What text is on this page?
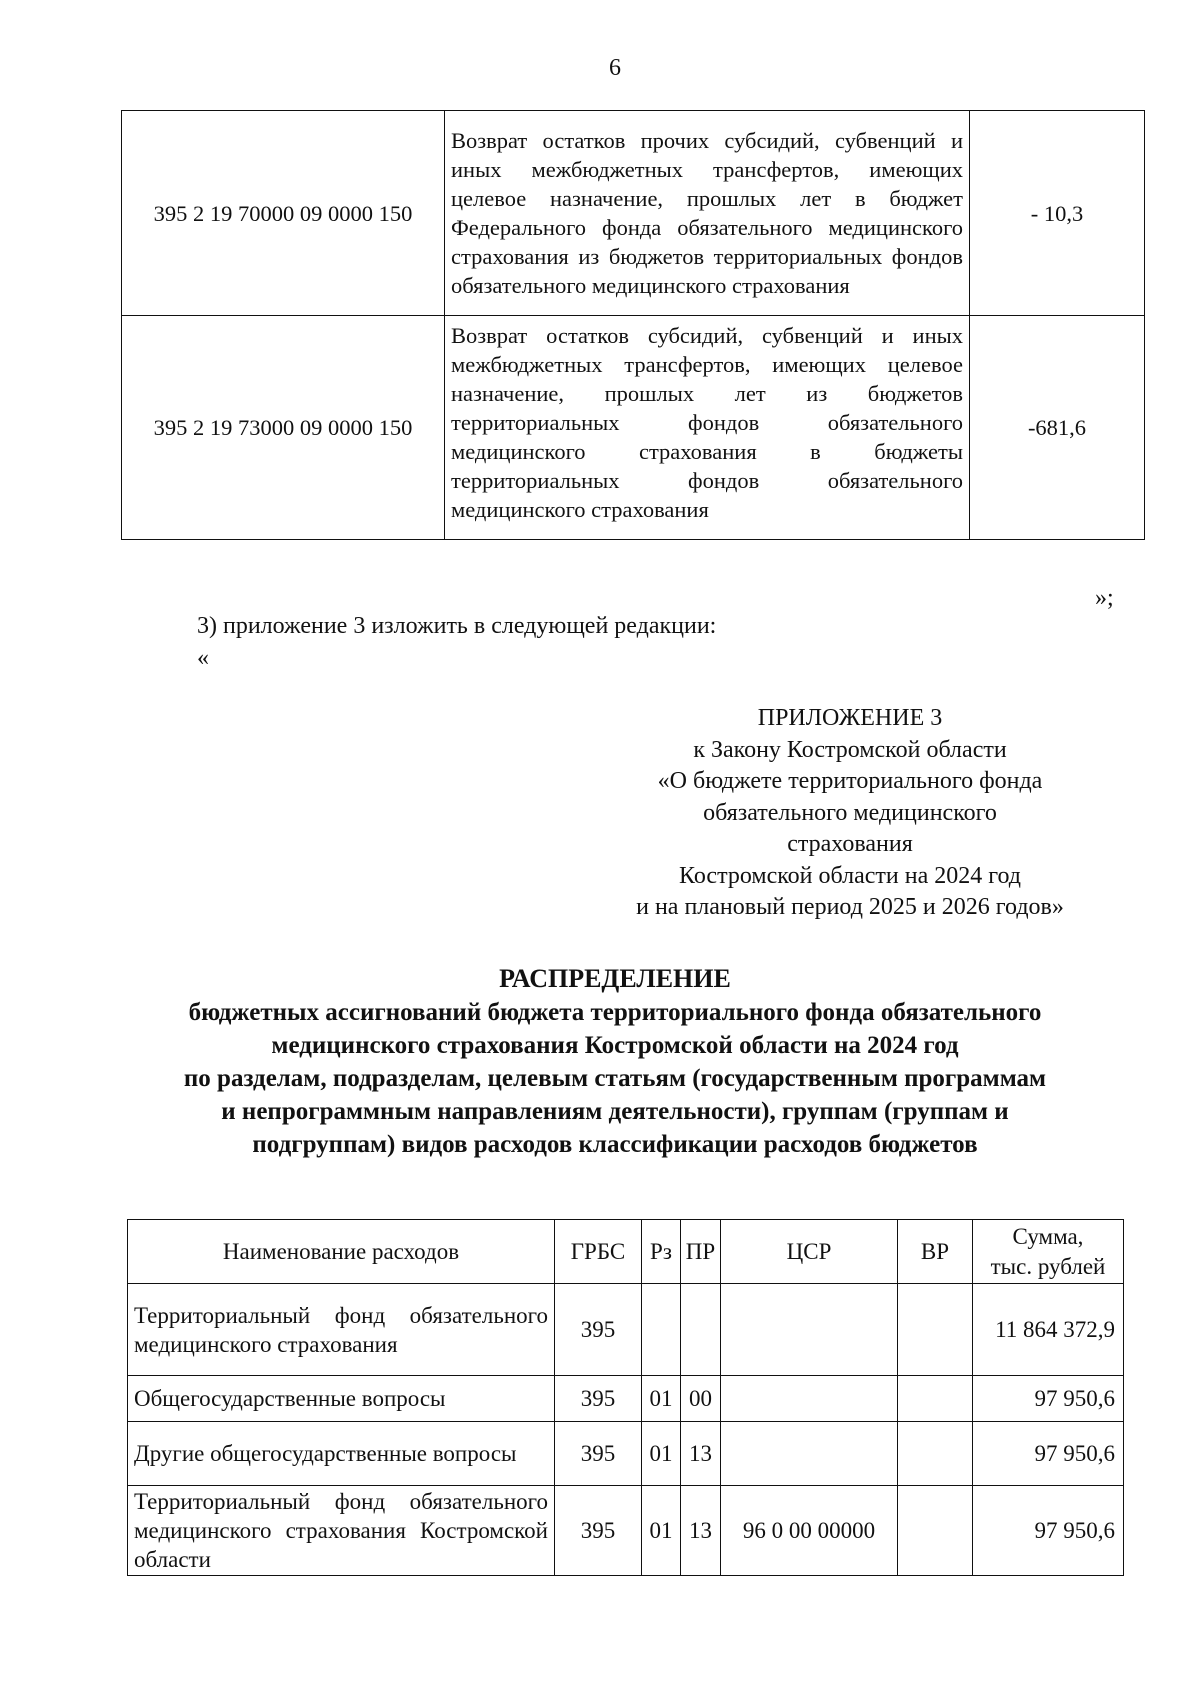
6
395 2 19 70000 09 0000 150	Возврат остатков прочих субсидий, субвенций и иных межбюджетных трансфертов, имеющих целевое назначение, прошлых лет в бюджет Федерального фонда обязательного медицинского страхования из бюджетов территориальных фондов обязательного медицинского страхования	- 10,3
395 2 19 73000 09 0000 150	Возврат остатков субсидий, субвенций и иных межбюджетных трансфертов, имеющих целевое назначение, прошлых лет из бюджетов территориальных фондов обязательного медицинского страхования в бюджеты территориальных фондов обязательного медицинского страхования	-681,6
»;
3) приложение 3 изложить в следующей редакции:
«
ПРИЛОЖЕНИЕ 3
к Закону Костромской области
«О бюджете территориального фонда
обязательного медицинского
страхования
Костромской области на 2024 год
и на плановый период 2025 и 2026 годов»
РАСПРЕДЕЛЕНИЕ
бюджетных ассигнований бюджета территориального фонда обязательного
медицинского страхования Костромской области на 2024 год
по разделам, подразделам, целевым статьям (государственным программам
и непрограммным направлениям деятельности), группам (группам и
подгруппам) видов расходов классификации расходов бюджетов
Наименование расходов	ГРБС	Рз	ПР	ЦСР	ВР	Сумма,
тыс. рублей

Территориальный фонд обязательного медицинского страхования	395					11 864 372,9
Общегосударственные вопросы	395	01	00			97 950,6
Другие общегосударственные вопросы	395	01	13			97 950,6
Территориальный фонд обязательного медицинского страхования Костромской области	395	01	13	96 0 00 00000		97 950,6
